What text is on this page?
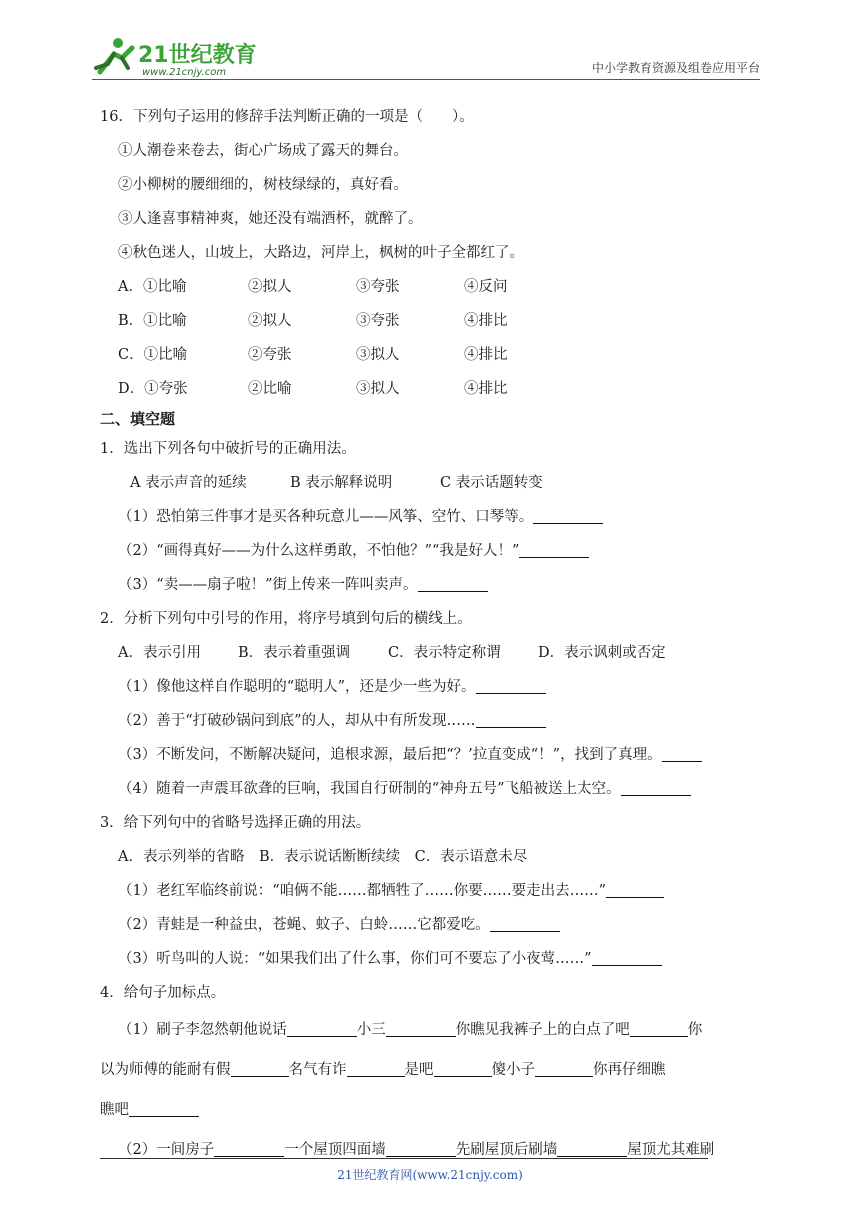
21世纪教育
www.21cnjy.com	中小学教育资源及组卷应用平台
16．下列句子运用的修辞手法判断正确的一项是（　　）。
①人潮卷来卷去，街心广场成了露天的舞台。
②小柳树的腰细细的，树枝绿绿的，真好看。
③人逢喜事精神爽，她还没有端酒杯，就醉了。
④秋色迷人，山坡上，大路边，河岸上，枫树的叶子全都红了。
A．①比喻	②拟人	③夸张	④反问
B．①比喻	②拟人	③夸张	④排比
C．①比喻	②夸张	③拟人	④排比
D．①夸张	②比喻	③拟人	④排比
二、填空题
1．选出下列各句中破折号的正确用法。
A 表示声音的延续	B 表示解释说明	C 表示话题转变
（1）恐怕第三件事才是买各种玩意儿——风筝、空竹、口琴等。
（2）“画得真好——为什么这样勇敢，不怕他？”“我是好人！”
（3）“卖——扇子啦！”街上传来一阵叫卖声。
2．分析下列句中引号的作用，将序号填到句后的横线上。
A．表示引用	B．表示着重强调	C．表示特定称谓	D．表示讽刺或否定
（1）像他这样自作聪明的“聪明人”，还是少一些为好。
（2）善于“打破砂锅问到底”的人，却从中有所发现……
（3）不断发问，不断解决疑问，追根求源，最后把“？’拉直变成“！”，找到了真理。
（4）随着一声震耳欲聋的巨响，我国自行研制的“神舟五号”飞船被送上太空。
3．给下列句中的省略号选择正确的用法。
A．表示列举的省略　B．表示说话断断续续　C．表示语意未尽
（1）老红军临终前说：“咱俩不能……都牺牲了……你要……要走出去……”
（2）青蛙是一种益虫，苍蝇、蚊子、白蛉……它都爱吃。
（3）听鸟叫的人说：“如果我们出了什么事，你们可不要忘了小夜莺……”
4．给句子加标点。
（1）刷子李忽然朝他说话	小三	你瞧见我裤子上的白点了吧	你
以为师傅的能耐有假	名气有诈	是吧	傻小子	你再仔细瞧
瞧吧
（2）一间房子	一个屋顶四面墙	先刷屋顶后刷墙	屋顶尤其难刷
21世纪教育网(www.21cnjy.com)
